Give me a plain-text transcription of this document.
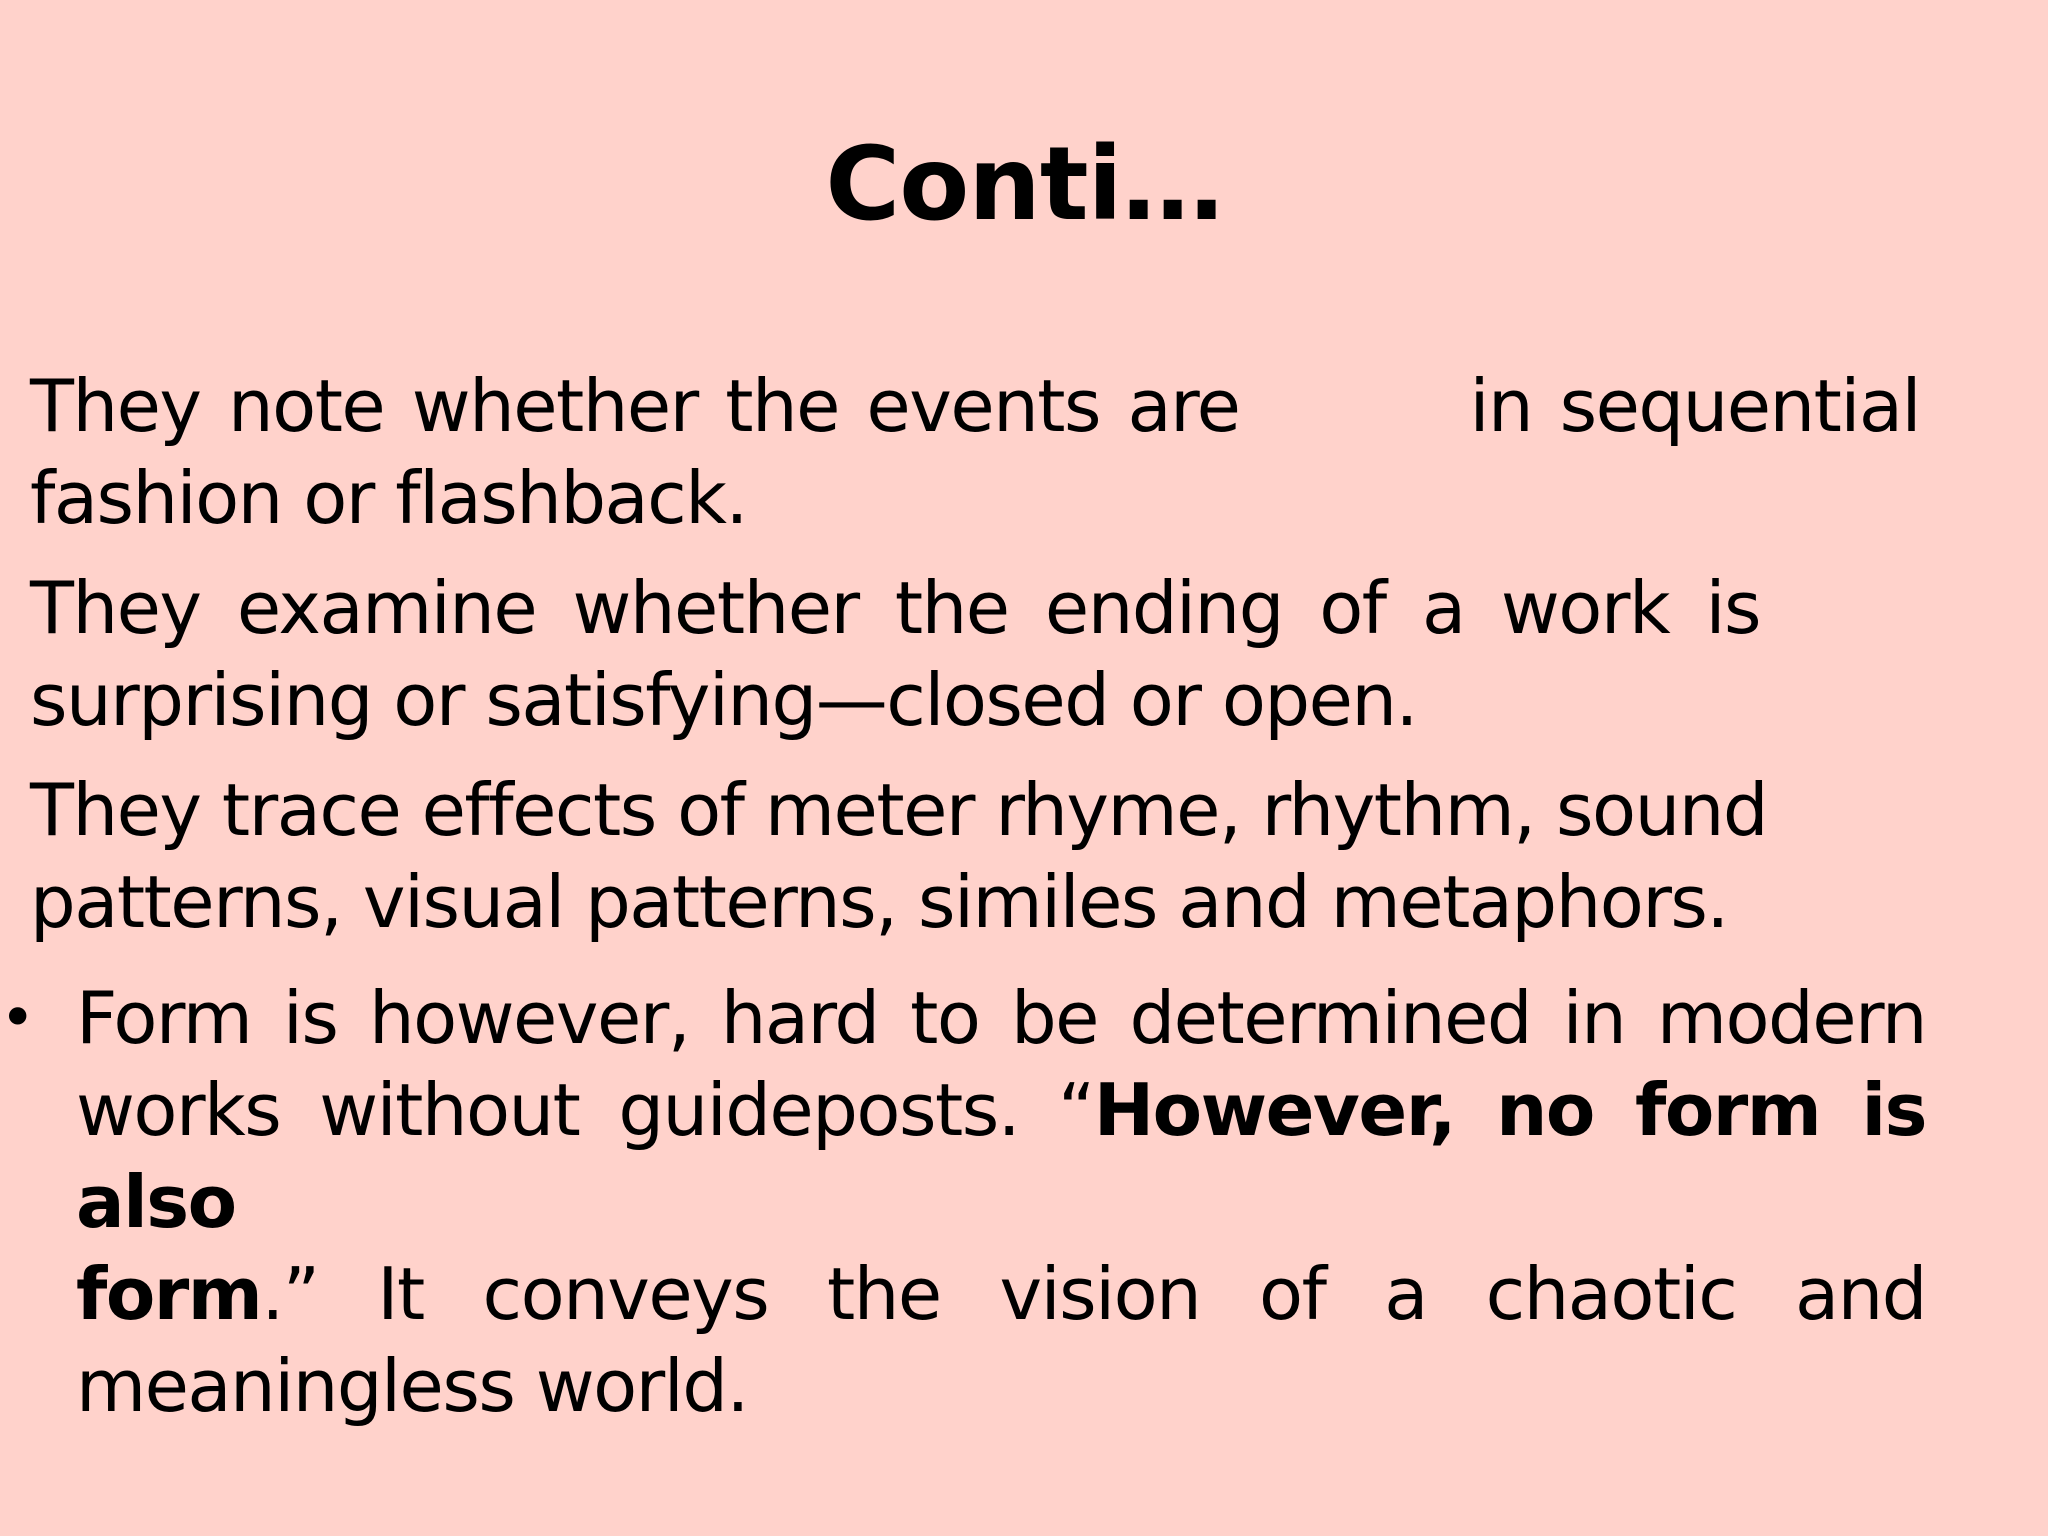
Conti…
They note whether the events are	in sequential
fashion or flashback.
They examine whether the ending of a work is
surprising or satisfying—closed or open.
They trace effects of meter rhyme, rhythm, sound
patterns, visual patterns, similes and metaphors.
• Form is however, hard to be determined in modern
works without guideposts. “However, no form is also
form.” It conveys the vision of a chaotic and
meaningless world.
